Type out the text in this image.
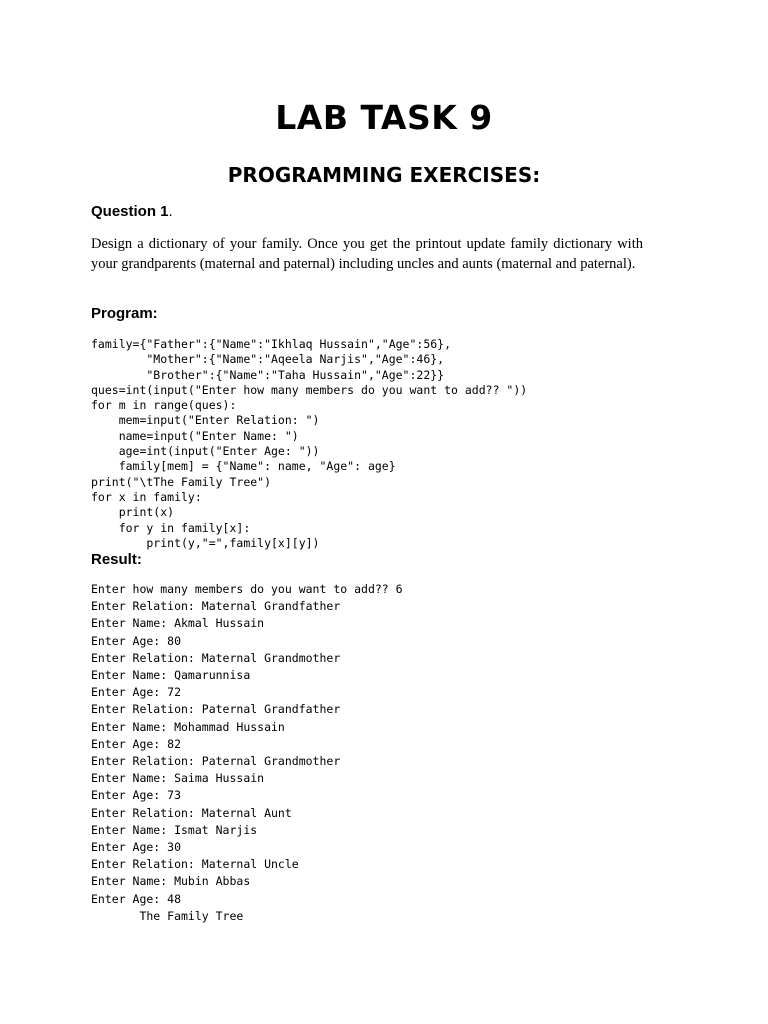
LAB TASK 9
PROGRAMMING EXERCISES:
Question 1.
Design a dictionary of your family. Once you get the printout update family dictionary with your grandparents (maternal and paternal) including uncles and aunts (maternal and paternal).
Program:
family={"Father":{"Name":"Ikhlaq Hussain","Age":56},
"Mother":{"Name":"Aqeela Narjis","Age":46},
"Brother":{"Name":"Taha Hussain","Age":22}}
ques=int(input("Enter how many members do you want to add?? "))
for m in range(ques):
mem=input("Enter Relation: ")
name=input("Enter Name: ")
age=int(input("Enter Age: "))
family[mem] = {"Name": name, "Age": age}
print("\tThe Family Tree")
for x in family:
print(x)
for y in family[x]:
print(y,"=",family[x][y])
Result:
Enter how many members do you want to add?? 6
Enter Relation: Maternal Grandfather
Enter Name: Akmal Hussain
Enter Age: 80
Enter Relation: Maternal Grandmother
Enter Name: Qamarunnisa
Enter Age: 72
Enter Relation: Paternal Grandfather
Enter Name: Mohammad Hussain
Enter Age: 82
Enter Relation: Paternal Grandmother
Enter Name: Saima Hussain
Enter Age: 73
Enter Relation: Maternal Aunt
Enter Name: Ismat Narjis
Enter Age: 30
Enter Relation: Maternal Uncle
Enter Name: Mubin Abbas
Enter Age: 48
The Family Tree
